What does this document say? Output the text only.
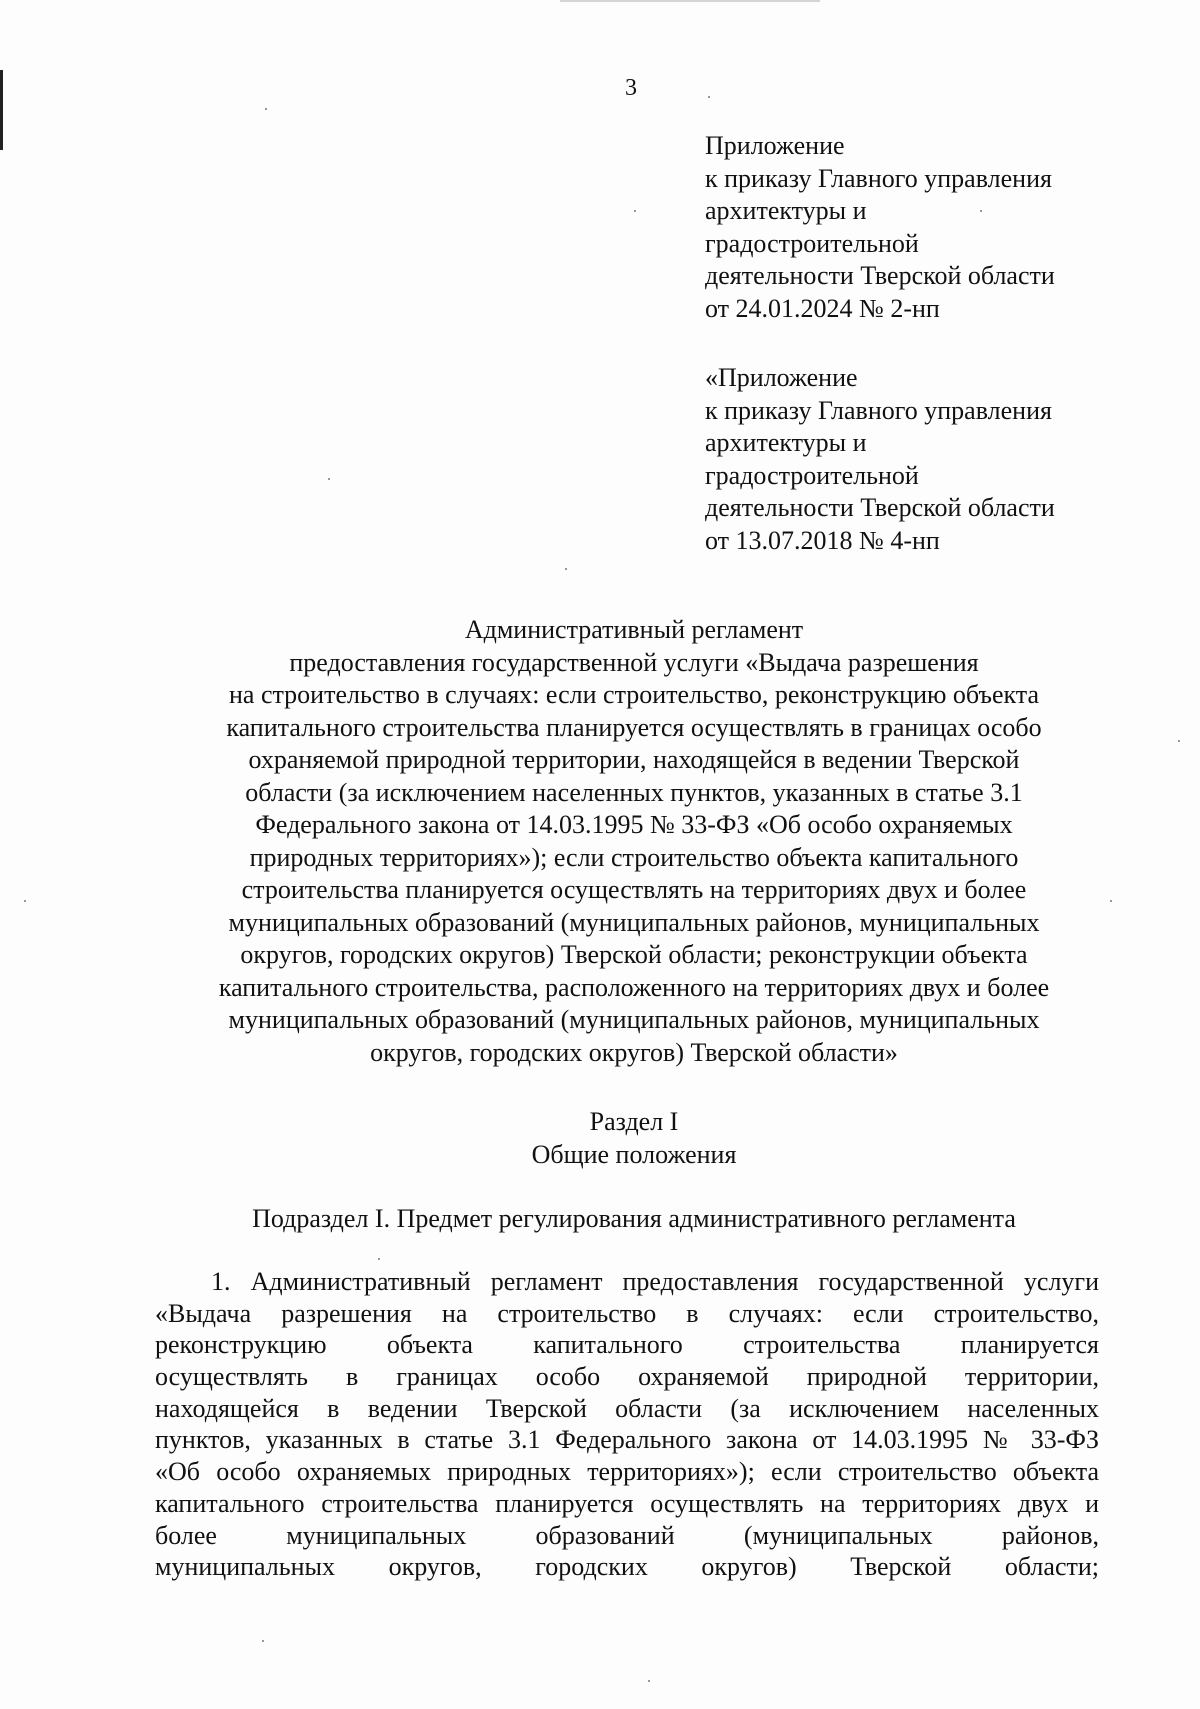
3
Приложение
к приказу Главного управления
архитектуры и
градостроительной
деятельности Тверской области
от 24.01.2024 № 2-нп
«Приложение
к приказу Главного управления
архитектуры и
градостроительной
деятельности Тверской области
от 13.07.2018 № 4-нп
Административный регламент
предоставления государственной услуги «Выдача разрешения
на строительство в случаях: если строительство, реконструкцию объекта
капитального строительства планируется осуществлять в границах особо
охраняемой природной территории, находящейся в ведении Тверской
области (за исключением населенных пунктов, указанных в статье 3.1
Федерального закона от 14.03.1995 № 33-ФЗ «Об особо охраняемых
природных территориях»); если строительство объекта капитального
строительства планируется осуществлять на территориях двух и более
муниципальных образований (муниципальных районов, муниципальных
округов, городских округов) Тверской области; реконструкции объекта
капитального строительства, расположенного на территориях двух и более
муниципальных образований (муниципальных районов, муниципальных
округов, городских округов) Тверской области»
Раздел I
Общие положения
Подраздел I. Предмет регулирования административного регламента
1. Административный регламент предоставления государственной услуги
«Выдача разрешения на строительство в случаях: если строительство,
реконструкцию объекта капитального строительства планируется
осуществлять в границах особо охраняемой природной территории,
находящейся в ведении Тверской области (за исключением населенных
пунктов, указанных в статье 3.1 Федерального закона от 14.03.1995 № 33-ФЗ
«Об особо охраняемых природных территориях»); если строительство объекта
капитального строительства планируется осуществлять на территориях двух и
более муниципальных образований (муниципальных районов,
муниципальных округов, городских округов) Тверской области;
